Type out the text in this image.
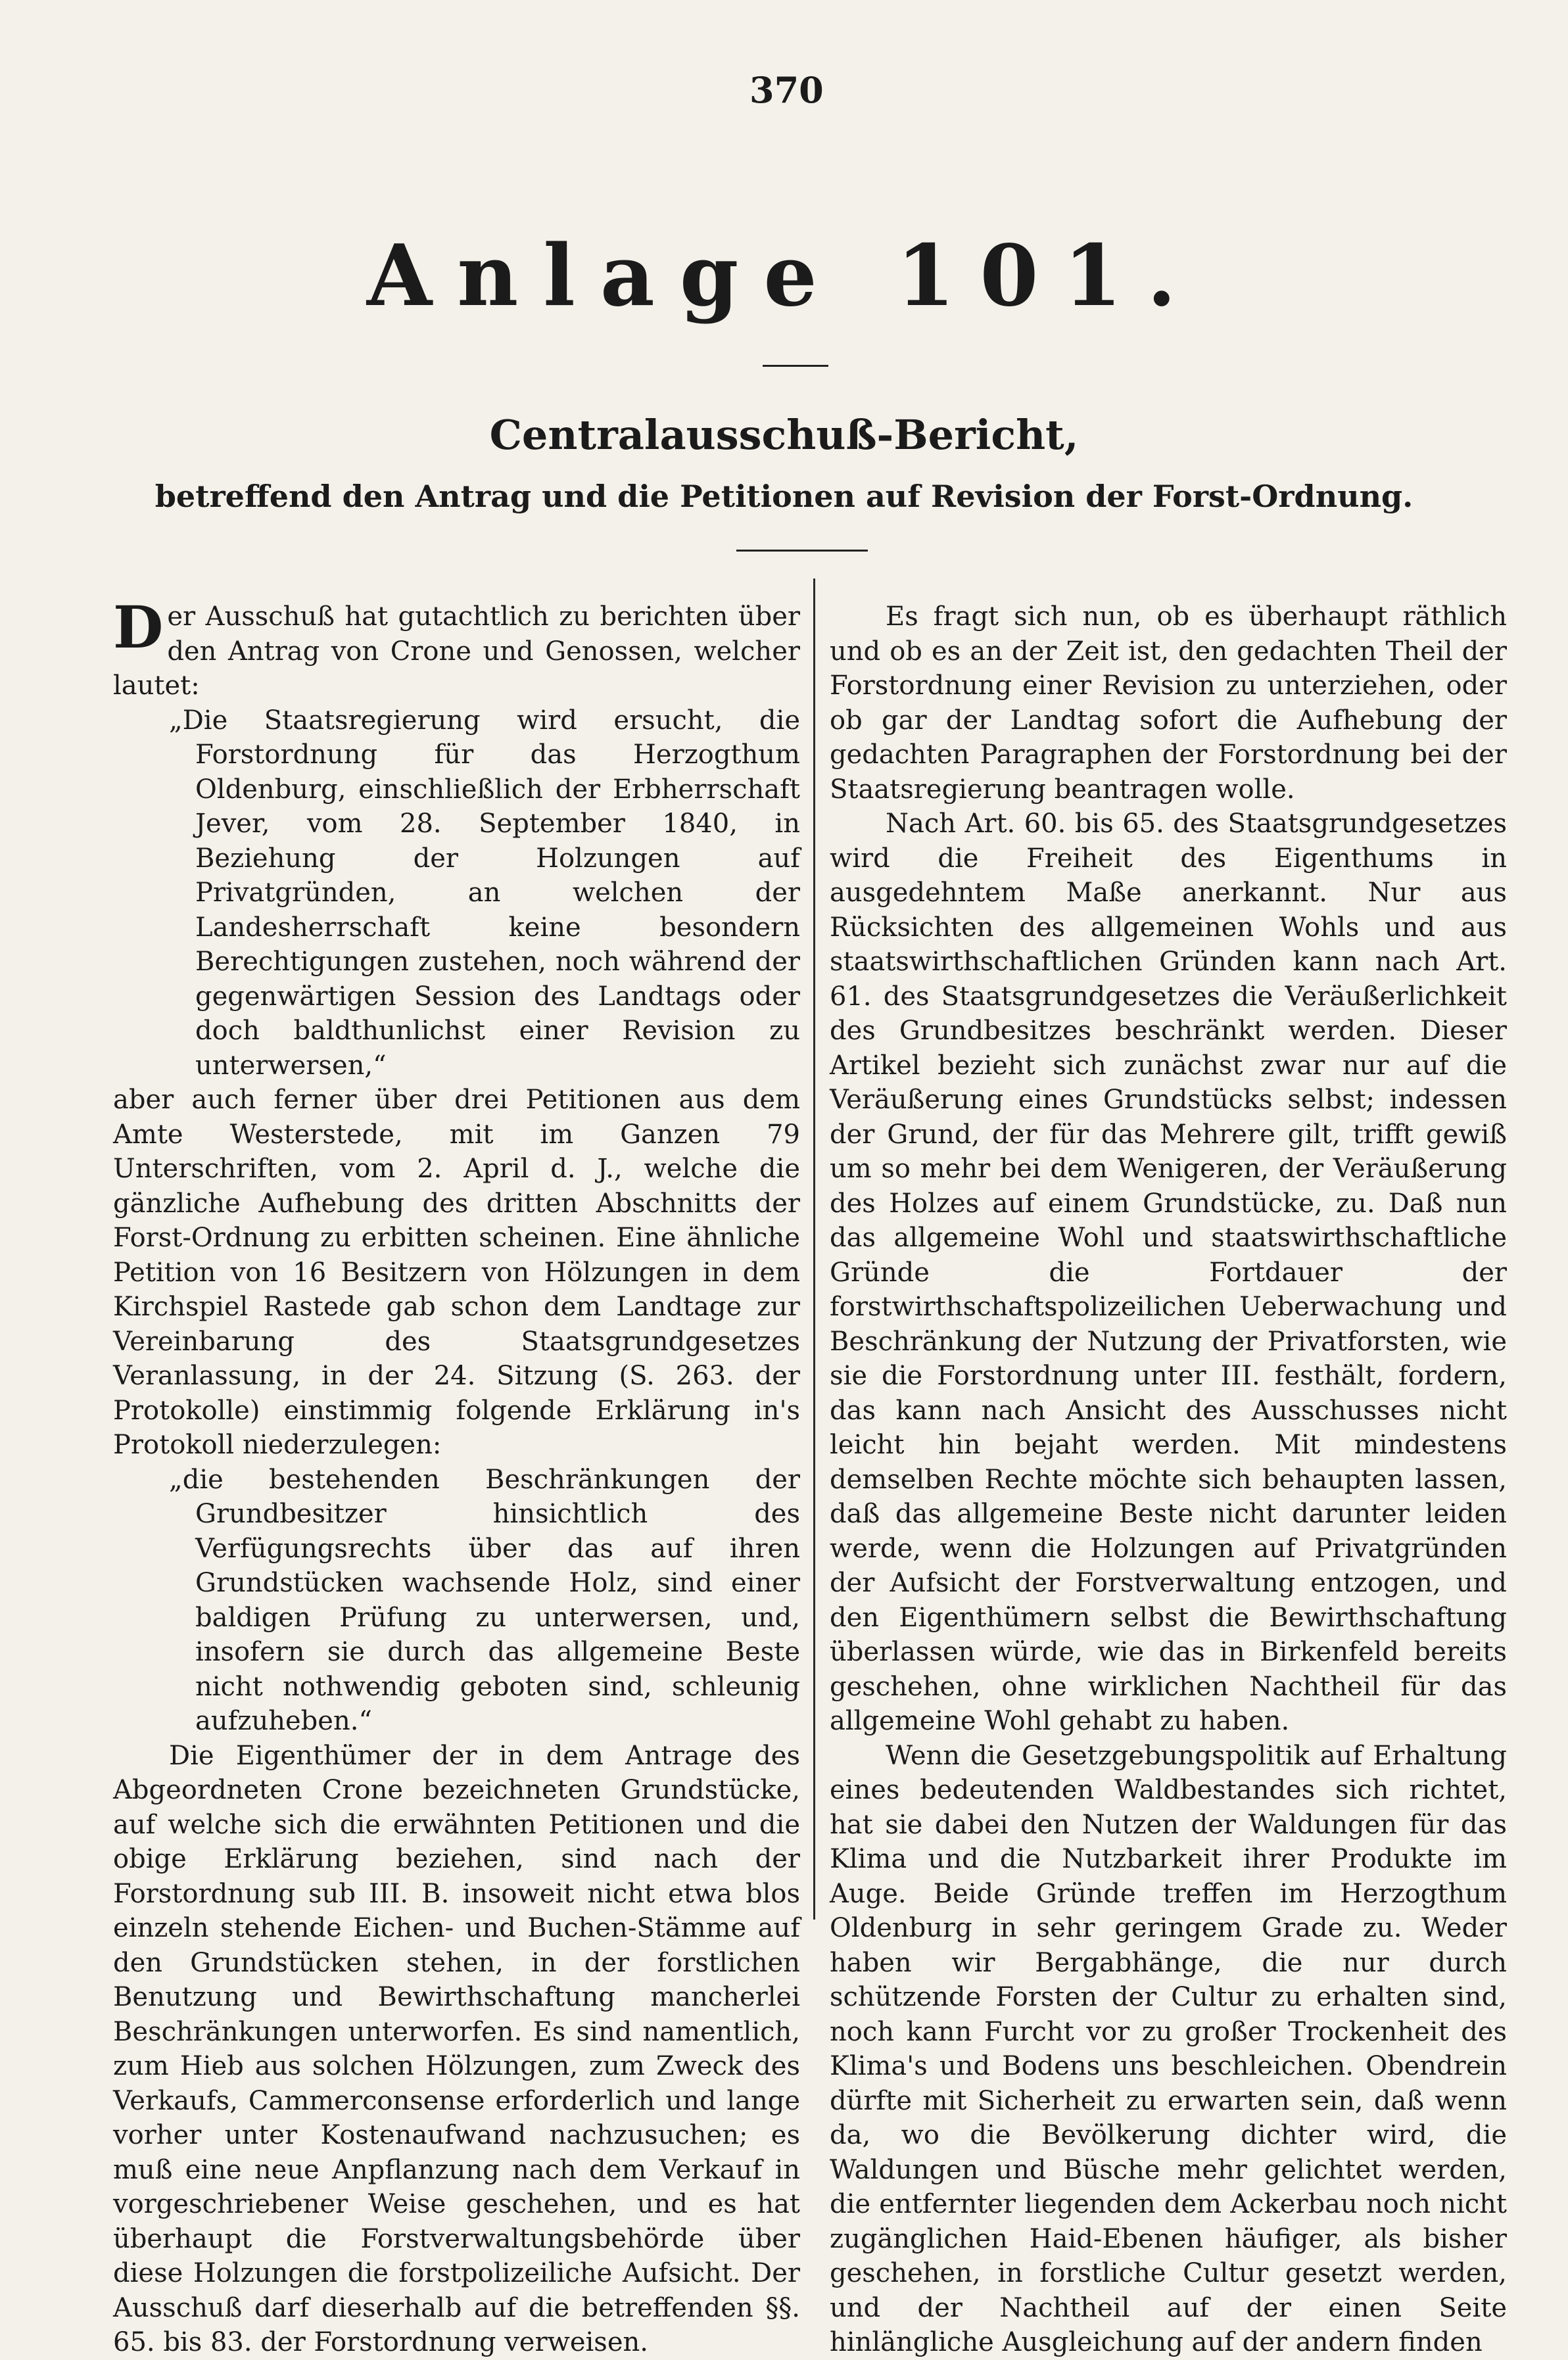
370
Anlage 101.
Centralausschuß-Bericht,
betreffend den Antrag und die Petitionen auf Revision der Forst-Ordnung.

Der Ausschuß hat gutachtlich zu berichten über den Antrag von Crone und Genossen, welcher lautet:

„Die Staatsregierung wird ersucht, die Forstordnung für das Herzogthum Oldenburg, einschließlich der Erbherrschaft Jever, vom 28. September 1840, in Beziehung der Holzungen auf Privatgründen, an welchen der Landesherrschaft keine besondern Berechtigungen zustehen, noch während der gegenwärtigen Session des Landtags oder doch baldthunlichst einer Revision zu unterwersen,“

aber auch ferner über drei Petitionen aus dem Amte Westerstede, mit im Ganzen 79 Unterschriften, vom 2. April d. J., welche die gänzliche Aufhebung des dritten Abschnitts der Forst-Ordnung zu erbitten scheinen. Eine ähnliche Petition von 16 Besitzern von Hölzungen in dem Kirchspiel Rastede gab schon dem Landtage zur Vereinbarung des Staatsgrundgesetzes Veranlassung, in der 24. Sitzung (S. 263. der Protokolle) einstimmig folgende Erklärung in's Protokoll niederzulegen:

„die bestehenden Beschränkungen der Grundbesitzer hinsichtlich des Verfügungsrechts über das auf ihren Grundstücken wachsende Holz, sind einer baldigen Prüfung zu unterwersen, und, insofern sie durch das allgemeine Beste nicht nothwendig geboten sind, schleunig aufzuheben.“

Die Eigenthümer der in dem Antrage des Abgeordneten Crone bezeichneten Grundstücke, auf welche sich die erwähnten Petitionen und die obige Erklärung beziehen, sind nach der Forstordnung sub III. B. insoweit nicht etwa blos einzeln stehende Eichen- und Buchen-Stämme auf den Grundstücken stehen, in der forstlichen Benutzung und Bewirthschaftung mancherlei Beschränkungen unterworfen. Es sind namentlich, zum Hieb aus solchen Hölzungen, zum Zweck des Verkaufs, Cammerconsense erforderlich und lange vorher unter Kostenaufwand nachzusuchen; es muß eine neue Anpflanzung nach dem Verkauf in vorgeschriebener Weise geschehen, und es hat überhaupt die Forstverwaltungsbehörde über diese Holzungen die forstpolizeiliche Aufsicht. Der Ausschuß darf dieserhalb auf die betreffenden §§. 65. bis 83. der Forstordnung verweisen.

Es fragt sich nun, ob es überhaupt räthlich und ob es an der Zeit ist, den gedachten Theil der Forstordnung einer Revision zu unterziehen, oder ob gar der Landtag sofort die Aufhebung der gedachten Paragraphen der Forstordnung bei der Staatsregierung beantragen wolle.

Nach Art. 60. bis 65. des Staatsgrundgesetzes wird die Freiheit des Eigenthums in ausgedehntem Maße anerkannt. Nur aus Rücksichten des allgemeinen Wohls und aus staatswirthschaftlichen Gründen kann nach Art. 61. des Staatsgrundgesetzes die Veräußerlichkeit des Grundbesitzes beschränkt werden. Dieser Artikel bezieht sich zunächst zwar nur auf die Veräußerung eines Grundstücks selbst; indessen der Grund, der für das Mehrere gilt, trifft gewiß um so mehr bei dem Wenigeren, der Veräußerung des Holzes auf einem Grundstücke, zu. Daß nun das allgemeine Wohl und staatswirthschaftliche Gründe die Fortdauer der forstwirthschaftspolizeilichen Ueberwachung und Beschränkung der Nutzung der Privatforsten, wie sie die Forstordnung unter III. festhält, fordern, das kann nach Ansicht des Ausschusses nicht leicht hin bejaht werden. Mit mindestens demselben Rechte möchte sich behaupten lassen, daß das allgemeine Beste nicht darunter leiden werde, wenn die Holzungen auf Privatgründen der Aufsicht der Forstverwaltung entzogen, und den Eigenthümern selbst die Bewirthschaftung überlassen würde, wie das in Birkenfeld bereits geschehen, ohne wirklichen Nachtheil für das allgemeine Wohl gehabt zu haben.

Wenn die Gesetzgebungspolitik auf Erhaltung eines bedeutenden Waldbestandes sich richtet, hat sie dabei den Nutzen der Waldungen für das Klima und die Nutzbarkeit ihrer Produkte im Auge. Beide Gründe treffen im Herzogthum Oldenburg in sehr geringem Grade zu. Weder haben wir Bergabhänge, die nur durch schützende Forsten der Cultur zu erhalten sind, noch kann Furcht vor zu großer Trockenheit des Klima's und Bodens uns beschleichen. Obendrein dürfte mit Sicherheit zu erwarten sein, daß wenn da, wo die Bevölkerung dichter wird, die Waldungen und Büsche mehr gelichtet werden, die entfernter liegenden dem Ackerbau noch nicht zugänglichen Haid-Ebenen häufiger, als bisher geschehen, in forstliche Cultur gesetzt werden, und der Nachtheil auf der einen Seite hinlängliche Ausgleichung auf der andern finden
